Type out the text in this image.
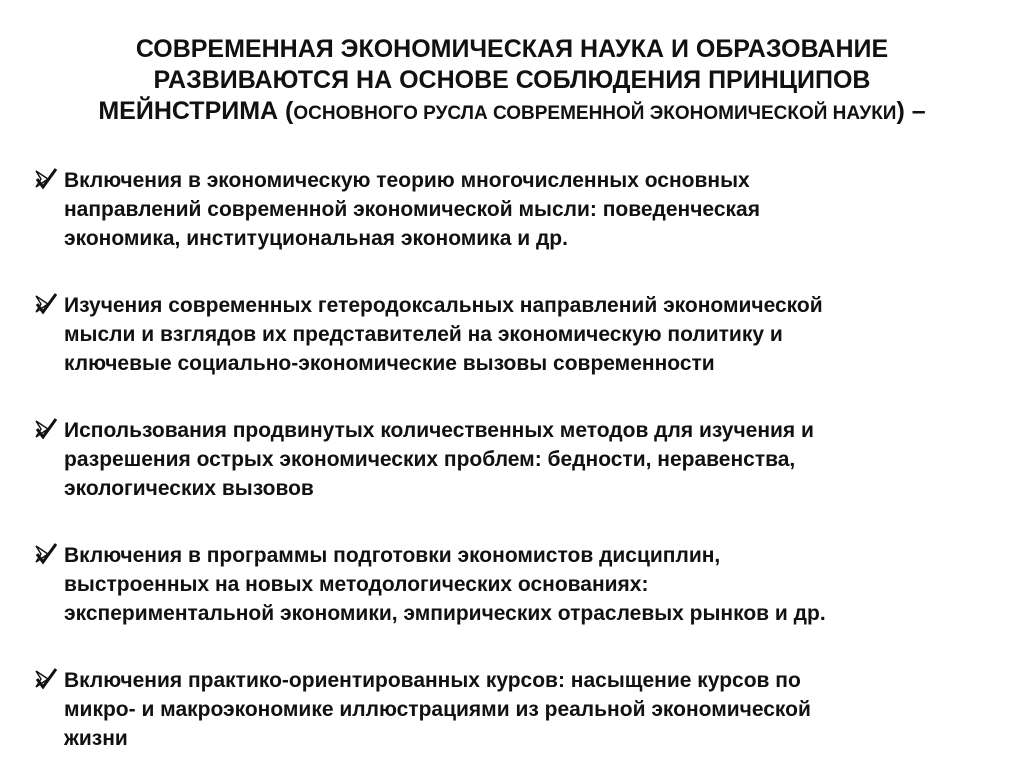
СОВРЕМЕННАЯ ЭКОНОМИЧЕСКАЯ НАУКА И ОБРАЗОВАНИЕ
РАЗВИВАЮТСЯ НА ОСНОВЕ СОБЛЮДЕНИЯ ПРИНЦИПОВ
МЕЙНСТРИМА (ОСНОВНОГО РУСЛА СОВРЕМЕННОЙ ЭКОНОМИЧЕСКОЙ НАУКИ) –
Включения в экономическую теорию многочисленных основных
направлений современной экономической мысли: поведенческая
экономика, институциональная экономика и др.
Изучения современных гетеродоксальных направлений экономической
мысли и взглядов их представителей на экономическую политику и
ключевые социально-экономические вызовы современности
Использования продвинутых количественных методов для изучения и
разрешения острых экономических проблем: бедности, неравенства,
экологических вызовов
Включения в программы подготовки экономистов дисциплин,
выстроенных на новых методологических основаниях:
экспериментальной экономики, эмпирических отраслевых рынков и др.
Включения практико-ориентированных курсов: насыщение курсов по
микро- и макроэкономике иллюстрациями из реальной экономической
жизни
